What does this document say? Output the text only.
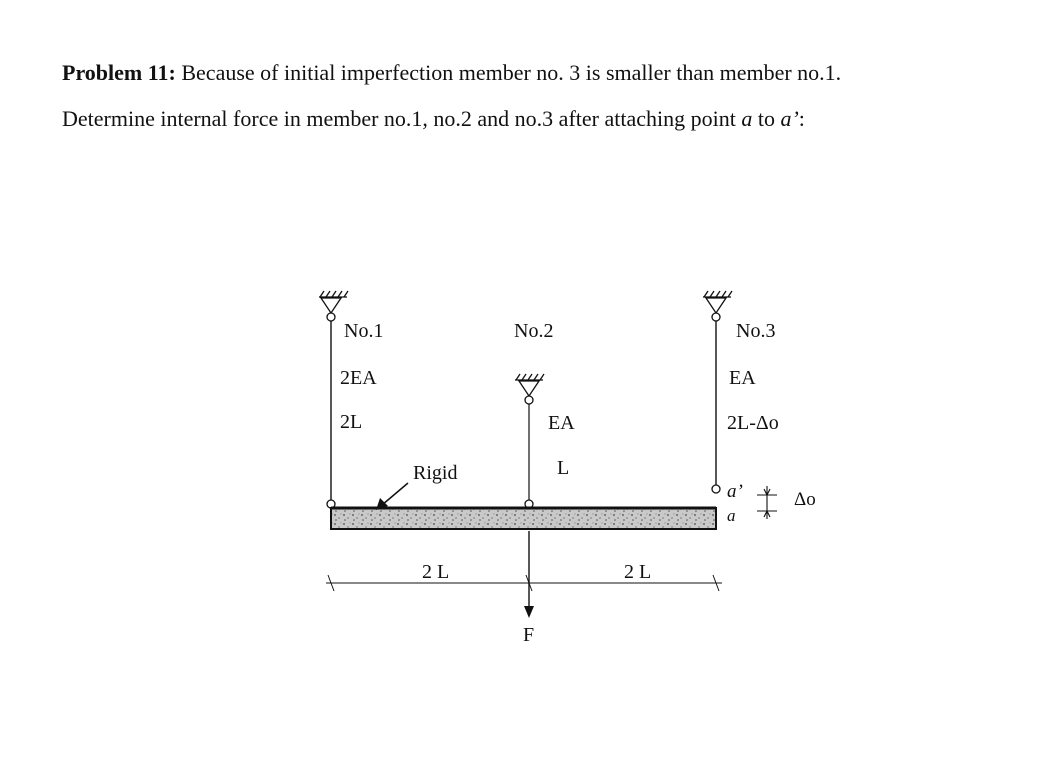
Problem 11: Because of initial imperfection member no. 3 is smaller than member no.1.
Determine internal force in member no.1, no.2 and no.3 after attaching point a to a’:
No.1
2EA
2L
No.2
EA
L
No.3
EA
2L-Δo
Rigid
a’
a
Δo
F
2 L	2 L
